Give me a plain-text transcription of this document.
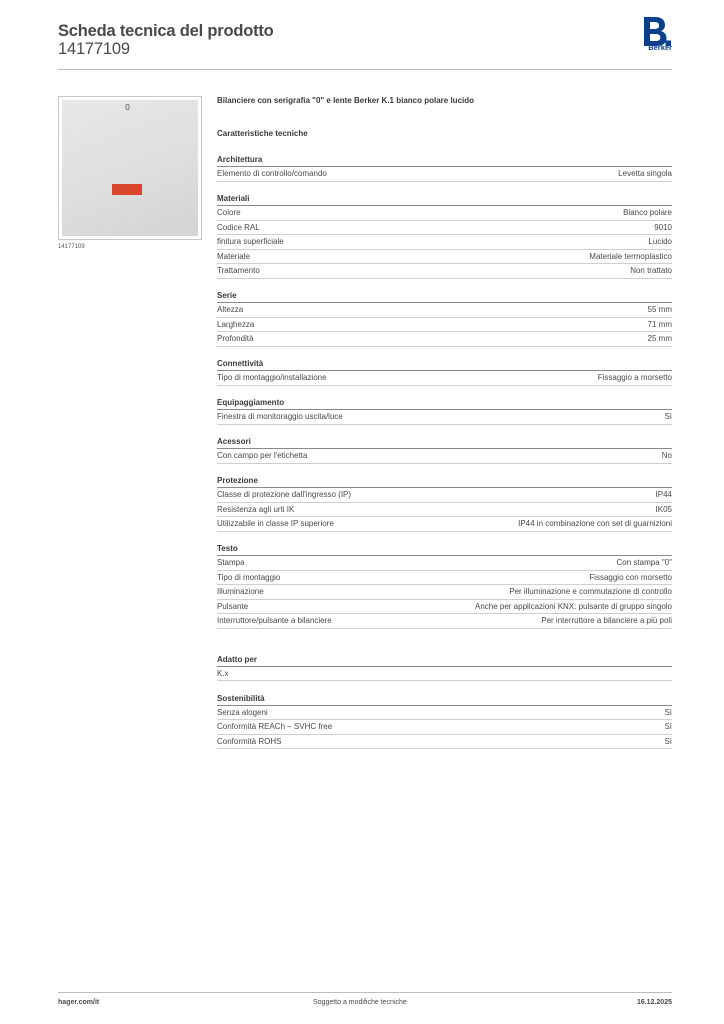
Scheda tecnica del prodotto
14177109	Berker
0
14177109
Bilanciere con serigrafia "0" e lente Berker K.1 bianco polare lucido
Caratteristiche tecniche
Architettura
Elemento di controllo/comando	Levetta singola
Materiali
Colore	Bianco polare
Codice RAL	9010
finitura superficiale	Lucido
Materiale	Materiale termoplastico
Trattamento	Non trattato
Serie
Altezza	55 mm
Larghezza	71 mm
Profondità	25 mm
Connettività
Tipo di montaggio/installazione	Fissaggio a morsetto
Equipaggiamento
Finestra di monitoraggio uscita/luce	Sì
Acessori
Con campo per l'etichetta	No
Protezione
Classe di protezione dall'ingresso (IP)	IP44
Resistenza agli urti IK	IK05
Utilizzabile in classe IP superiore	IP44 in combinazione con set di guarnizioni
Testo
Stampa	Con stampa "0"
Tipo di montaggio	Fissaggio con morsetto
Illuminazione	Per illuminazione e commutazione di controllo
Pulsante	Anche per applicazioni KNX: pulsante di gruppo singolo
Interruttore/pulsante a bilanciere	Per interruttore a bilanciere a più poli
Adatto per
K.x
Sostenibilità
Senza alogeni	Sì
Conformità REACh – SVHC free	Sì
Conformità ROHS	Sì
hager.com/it	Soggetto a modifiche tecniche	16.12.2025
